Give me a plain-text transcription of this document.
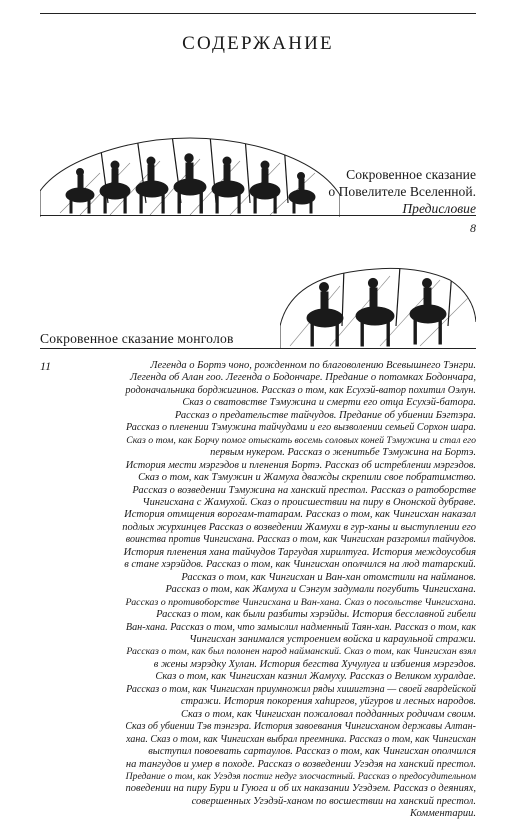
СОДЕРЖАНИЕ
Сокровенное сказание
о Повелителе Вселенной.
Предисловие
8
Сокровенное сказание монголов
11	Легенда о Бортэ чоно, рожденном по благоволению Всевышнего Тэнгри.
Легенда об Алан гоо. Легенда о Бодончаре. Предание о потомках Бодончара,
родоначальника борджигинов. Рассказ о том, как Есухэй-ватор похитил Оэлун.
Сказ о сватовстве Тэмужина и смерти его отца Есухэй-батора.
Рассказ о предательстве тайчудов. Предание об убиении Бэгтэра.
Рассказ о пленении Тэмужина тайчудами и его вызволении семьей Сорхон шара.
Сказ о том, как Борчу помог отыскать восемь соловых коней Тэмужина и стал его
первым нукером. Рассказ о женитьбе Тэмужина на Бортэ.
История мести мэргэдов и пленения Бортэ. Рассказ об истреблении мэргэдов.
Сказ о том, как Тэмужин и Жамуха дважды скрепили свое побратимство.
Рассказ о возведении Тэмужина на ханский престол. Рассказ о ратоборстве
Чингисхана с Жамухой. Сказ о происшествии на пиру в Ононской дубраве.
История отмщения ворогам-татарам. Рассказ о том, как Чингисхан наказал
подлых журхинцев Рассказ о возведении Жамухи в гур-ханы и выступлении его
воинства против Чингисхана. Рассказ о том, как Чингисхан разгромил тайчудов.
История пленения хана тайчудов Таргудая хирилтуга. История междоусобия
в стане хэрэйдов. Рассказ о том, как Чингисхан ополчился на люд татарский.
Рассказ о том, как Чингисхан и Ван-хан отомстили на найманов.
Рассказ о том, как Жамуха и Сэнгум задумали погубить Чингисхана.
Рассказ о противоборстве Чингисхана и Ван-хана. Сказ о посольстве Чингисхана.
Рассказ о том, как были разбиты хэрэйды. История бесславной гибели
Ван-хана. Рассказ о том, что замыслил надменный Таян-хан. Рассказ о том, как
Чингисхан занимался устроением войска и караульной стражи.
Рассказ о том, как был полонен народ найманский. Сказ о том, как Чингисхан взял
в жены мэрэдку Хулан. История бегства Хучулуга и избиения мэргэдов.
Сказ о том, как Чингисхан казнил Жамуху. Рассказ о Великом хуралдае.
Рассказ о том, как Чингисхан приумножил ряды хишигтэна — своей гвардейской
стражи. История покорения хаһиргов, уйгуров и лесных народов.
Сказ о том, как Чингисхан пожаловал подданных родичам своим.
Сказ об убиении Тэв тэнгэра. История завоевания Чингисханом державы Алтан-
хана. Сказ о том, как Чингисхан выбрал преемника. Рассказ о том, как Чингисхан
выступил повоевать сартаулов. Рассказ о том, как Чингисхан ополчился
на тангудов и умер в походе. Рассказ о возведении Угэдэя на ханский престол.
Предание о том, как Угэдэя постиг недуг злосчастный. Рассказ о предосудительном
поведении на пиру Бури и Гуюга и об их наказании Угэдэем. Рассказ о деяниях,
совершенных Угэдэй-ханом по восшествии на ханский престол.
Комментарии.
